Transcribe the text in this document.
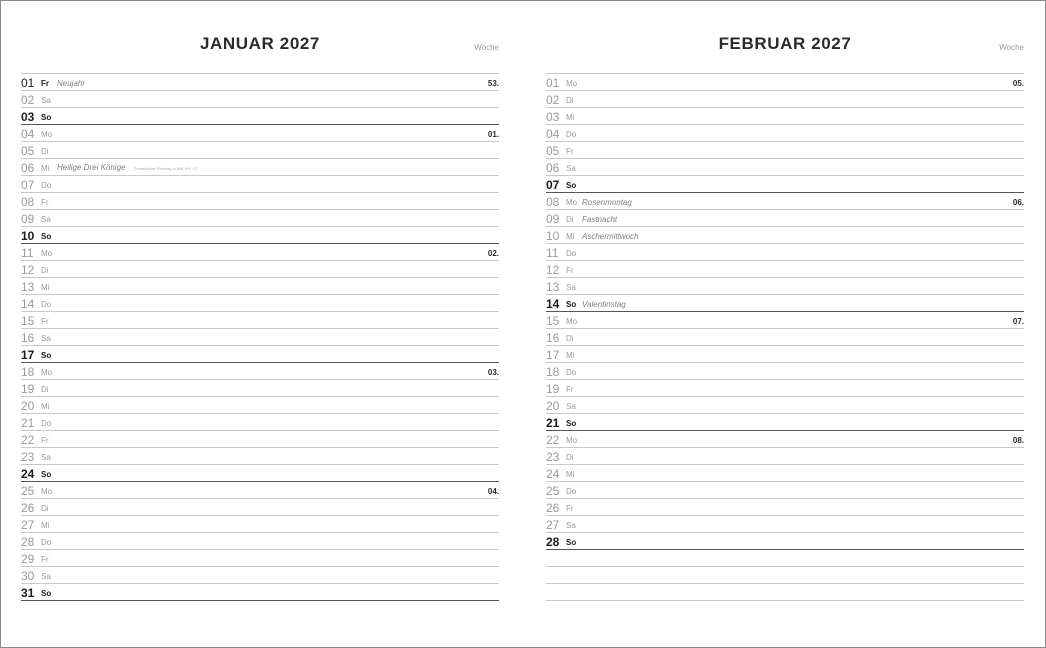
JANUAR 2027	Woche
01 Fr Neujahr	53.
02 Sa
03 So
04 Mo	01.
05 Di
06 Mi Heilige Drei Könige Gesetzlicher Feiertag in BW, BY, ST
07 Do
08 Fr
09 Sa
10 So
11 Mo	02.
12 Di
13 Mi
14 Do
15 Fr
16 Sa
17 So
18 Mo	03.
19 Di
20 Mi
21 Do
22 Fr
23 Sa
24 So
25 Mo	04.
26 Di
27 Mi
28 Do
29 Fr
30 Sa
31 So
FEBRUAR 2027	Woche
01 Mo	05.
02 Di
03 Mi
04 Do
05 Fr
06 Sa
07 So
08 Mo Rosenmontag	06.
09 Di Fastnacht
10 Mi Aschermittwoch
11 Do
12 Fr
13 Sa
14 So Valentinstag
15 Mo	07.
16 Di
17 Mi
18 Do
19 Fr
20 Sa
21 So
22 Mo	08.
23 Di
24 Mi
25 Do
26 Fr
27 Sa
28 So
